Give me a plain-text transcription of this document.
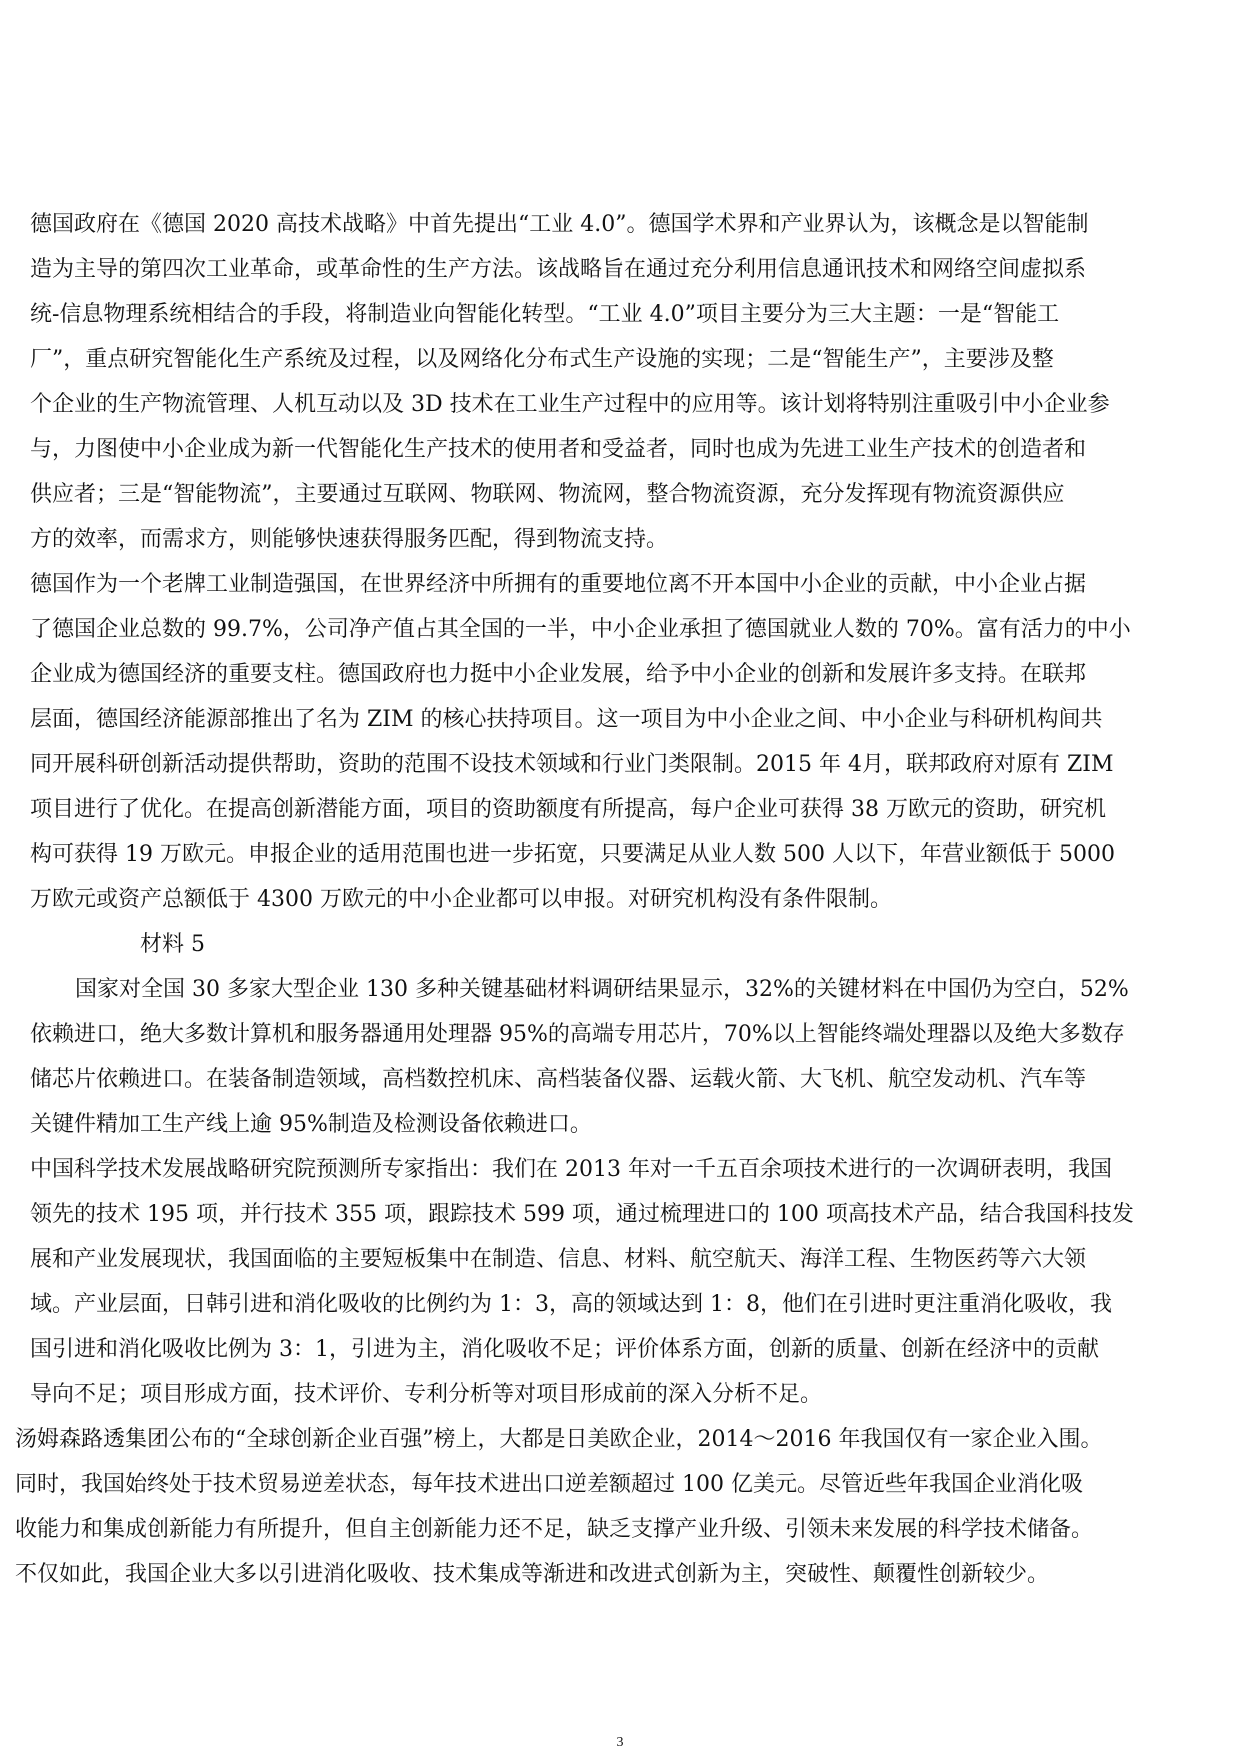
德国政府在《德国 2020 高技术战略》中首先提出“工业 4.0”。德国学术界和产业界认为，该概念是以智能制
造为主导的第四次工业革命，或革命性的生产方法。该战略旨在通过充分利用信息通讯技术和网络空间虚拟系
统-信息物理系统相结合的手段，将制造业向智能化转型。“工业 4.0”项目主要分为三大主题：一是“智能工
厂”，重点研究智能化生产系统及过程，以及网络化分布式生产设施的实现；二是“智能生产”，主要涉及整
个企业的生产物流管理、人机互动以及 3D 技术在工业生产过程中的应用等。该计划将特别注重吸引中小企业参
与，力图使中小企业成为新一代智能化生产技术的使用者和受益者，同时也成为先进工业生产技术的创造者和
供应者；三是“智能物流”，主要通过互联网、物联网、物流网，整合物流资源，充分发挥现有物流资源供应
方的效率，而需求方，则能够快速获得服务匹配，得到物流支持。
德国作为一个老牌工业制造强国，在世界经济中所拥有的重要地位离不开本国中小企业的贡献，中小企业占据
了德国企业总数的 99.7%，公司净产值占其全国的一半，中小企业承担了德国就业人数的 70%。富有活力的中小
企业成为德国经济的重要支柱。德国政府也力挺中小企业发展，给予中小企业的创新和发展许多支持。在联邦
层面，德国经济能源部推出了名为 ZIM 的核心扶持项目。这一项目为中小企业之间、中小企业与科研机构间共
同开展科研创新活动提供帮助，资助的范围不设技术领域和行业门类限制。2015 年 4月，联邦政府对原有 ZIM
项目进行了优化。在提高创新潜能方面，项目的资助额度有所提高，每户企业可获得 38 万欧元的资助，研究机
构可获得 19 万欧元。申报企业的适用范围也进一步拓宽，只要满足从业人数 500 人以下，年营业额低于 5000
万欧元或资产总额低于 4300 万欧元的中小企业都可以申报。对研究机构没有条件限制。
材料 5
国家对全国 30 多家大型企业 130 多种关键基础材料调研结果显示，32%的关键材料在中国仍为空白，52%
依赖进口，绝大多数计算机和服务器通用处理器 95%的高端专用芯片，70%以上智能终端处理器以及绝大多数存
储芯片依赖进口。在装备制造领域，高档数控机床、高档装备仪器、运载火箭、大飞机、航空发动机、汽车等
关键件精加工生产线上逾 95%制造及检测设备依赖进口。
中国科学技术发展战略研究院预测所专家指出：我们在 2013 年对一千五百余项技术进行的一次调研表明，我国
领先的技术 195 项，并行技术 355 项，跟踪技术 599 项，通过梳理进口的 100 项高技术产品，结合我国科技发
展和产业发展现状，我国面临的主要短板集中在制造、信息、材料、航空航天、海洋工程、生物医药等六大领
域。产业层面，日韩引进和消化吸收的比例约为 1：3，高的领域达到 1：8，他们在引进时更注重消化吸收，我
国引进和消化吸收比例为 3：1，引进为主，消化吸收不足；评价体系方面，创新的质量、创新在经济中的贡献
导向不足；项目形成方面，技术评价、专利分析等对项目形成前的深入分析不足。
汤姆森路透集团公布的“全球创新企业百强”榜上，大都是日美欧企业，2014～2016 年我国仅有一家企业入围。
同时，我国始终处于技术贸易逆差状态，每年技术进出口逆差额超过 100 亿美元。尽管近些年我国企业消化吸
收能力和集成创新能力有所提升，但自主创新能力还不足，缺乏支撑产业升级、引领未来发展的科学技术储备。
不仅如此，我国企业大多以引进消化吸收、技术集成等渐进和改进式创新为主，突破性、颠覆性创新较少。
3
